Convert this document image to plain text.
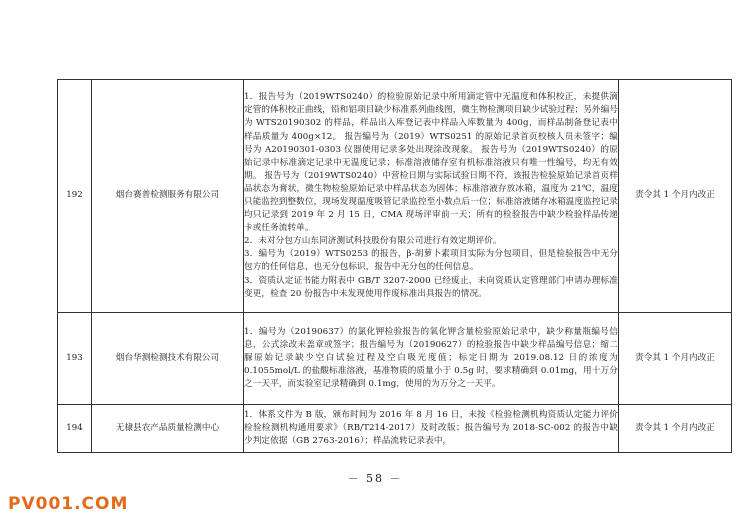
192	烟台赛普检测服务有限公司	1．报告号为（2019WTS0240）的检验原始记录中所用滴定管中无温度和体积校正，未提供滴定管的体积校正曲线，铅和铝项目缺少标准系列曲线图，微生物检测项目缺少试验过程；另外编号为 WTS20190302 的样品，样品出入库登记表中样品入库数量为 400g，而样品制备登记表中样品质量为 400g×12。 报告编号为（2019）WTS0251 的原始记录首页校核人员未签字；编号为 A20190301-0303 仪器使用记录多处出现涂改现象。 报告号为（2019WTS0240）的原始记录中标准滴定记录中无温度记录；标准溶液储存室有机标准溶液只有唯一性编号，均无有效期。 报告号为（2019WTS0240）中营检日期与实际试验日期不符，该报告检验原始记录首页样品状态为膏状，微生物检验原始记录中样品状态为固体；标准溶液存放冰箱，温度为 21℃，温度只能监控到整数位，现场发现温度吸管记录监控至小数点后一位；标准溶液储存冰箱温度监控记录均只记录到 2019 年 2 月 15 日，CMA 现场评审前一天；所有的检验报告中缺少检验样品传递卡或任务流转单。
2．未对分包方山东同济测试科技股份有限公司进行有效定期评价。
3．编号为（2019）WTS0253 的报告，β-胡萝卜素项目实际为分包项目，但是检验报告中无分包方的任何信息，也无分包标识，报告中无分包的任何信息。
3．资质认定证书能力附表中 GB/T 3207-2000 已经废止，未向资质认定管理部门申请办理标准变更，检查 20 份报告中未发现使用作废标准出具报告的情况。	责令其 1 个月内改正
193	烟台华测检测技术有限公司	1．编号为（20190637）的氯化钾检验报告的氧化钾含量检验原始记录中，缺少称量瓶编号信息，公式涂改未盖章或签字；报告编号为（20190627）的检验报告中缺少样品编号信息；缩二脲原始记录缺少空白试验过程及空白吸光度值；标定日期为 2019.08.12 日的浓度为 0.1055mol/L 的盐酸标准溶液，基准物质的质量小于 0.5g 时，要求精确到 0.01mg，用十万分之一天平，而实验室记录精确到 0.1mg，使用的为万分之一天平。	责令其 1 个月内改正
194	无棣县农产品质量检测中心	1．体系文件为 B 版，颁布时间为 2016 年 8 月 16 日，未按《检验检测机构资质认定能力评价 检验检测机构通用要求》（RB/T214-2017）及时改版；报告编号为 2018-SC-002 的报告中缺少判定依据（GB 2763-2016）；样品流转记录表中，	责令其 1 个月内改正
－ 58 －
PV001.COM
